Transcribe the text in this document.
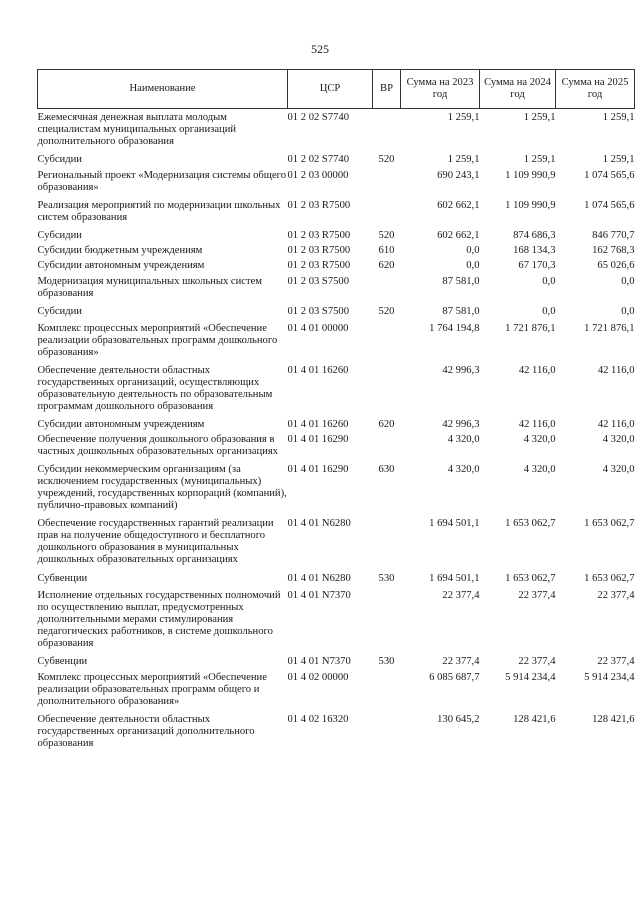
525
Наименование	ЦСР	ВР	Сумма на 2023 год	Сумма на 2024 год	Сумма на 2025 год
Ежемесячная денежная выплата молодым специалистам муниципальных организаций дополнительного образования	01 2 02 S7740		1 259,1	1 259,1	1 259,1
Субсидии	01 2 02 S7740	520	1 259,1	1 259,1	1 259,1
Региональный проект «Модернизация системы общего образования»	01 2 03 00000		690 243,1	1 109 990,9	1 074 565,6
Реализация мероприятий по модернизации школьных систем образования	01 2 03 R7500		602 662,1	1 109 990,9	1 074 565,6
Субсидии	01 2 03 R7500	520	602 662,1	874 686,3	846 770,7
Субсидии бюджетным учреждениям	01 2 03 R7500	610	0,0	168 134,3	162 768,3
Субсидии автономным учреждениям	01 2 03 R7500	620	0,0	67 170,3	65 026,6
Модернизация муниципальных школьных систем образования	01 2 03 S7500		87 581,0	0,0	0,0
Субсидии	01 2 03 S7500	520	87 581,0	0,0	0,0
Комплекс процессных мероприятий «Обеспечение реализации образовательных программ дошкольного образования»	01 4 01 00000		1 764 194,8	1 721 876,1	1 721 876,1
Обеспечение деятельности областных государственных организаций, осуществляющих образовательную деятельность по образовательным программам дошкольного образования	01 4 01 16260		42 996,3	42 116,0	42 116,0
Субсидии автономным учреждениям	01 4 01 16260	620	42 996,3	42 116,0	42 116,0
Обеспечение получения дошкольного образования в частных дошкольных образовательных организациях	01 4 01 16290		4 320,0	4 320,0	4 320,0
Субсидии некоммерческим организациям (за исключением государственных (муниципальных) учреждений, государственных корпораций (компаний), публично-правовых компаний)	01 4 01 16290	630	4 320,0	4 320,0	4 320,0
Обеспечение государственных гарантий реализации прав на получение общедоступного и бесплатного дошкольного образования в муниципальных дошкольных образовательных организациях	01 4 01 N6280		1 694 501,1	1 653 062,7	1 653 062,7
Субвенции	01 4 01 N6280	530	1 694 501,1	1 653 062,7	1 653 062,7
Исполнение отдельных государственных полномочий по осуществлению выплат, предусмотренных дополнительными мерами стимулирования педагогических работников, в системе дошкольного образования	01 4 01 N7370		22 377,4	22 377,4	22 377,4
Субвенции	01 4 01 N7370	530	22 377,4	22 377,4	22 377,4
Комплекс процессных мероприятий «Обеспечение реализации образовательных программ общего и дополнительного образования»	01 4 02 00000		6 085 687,7	5 914 234,4	5 914 234,4
Обеспечение деятельности областных государственных организаций дополнительного образования	01 4 02 16320		130 645,2	128 421,6	128 421,6
